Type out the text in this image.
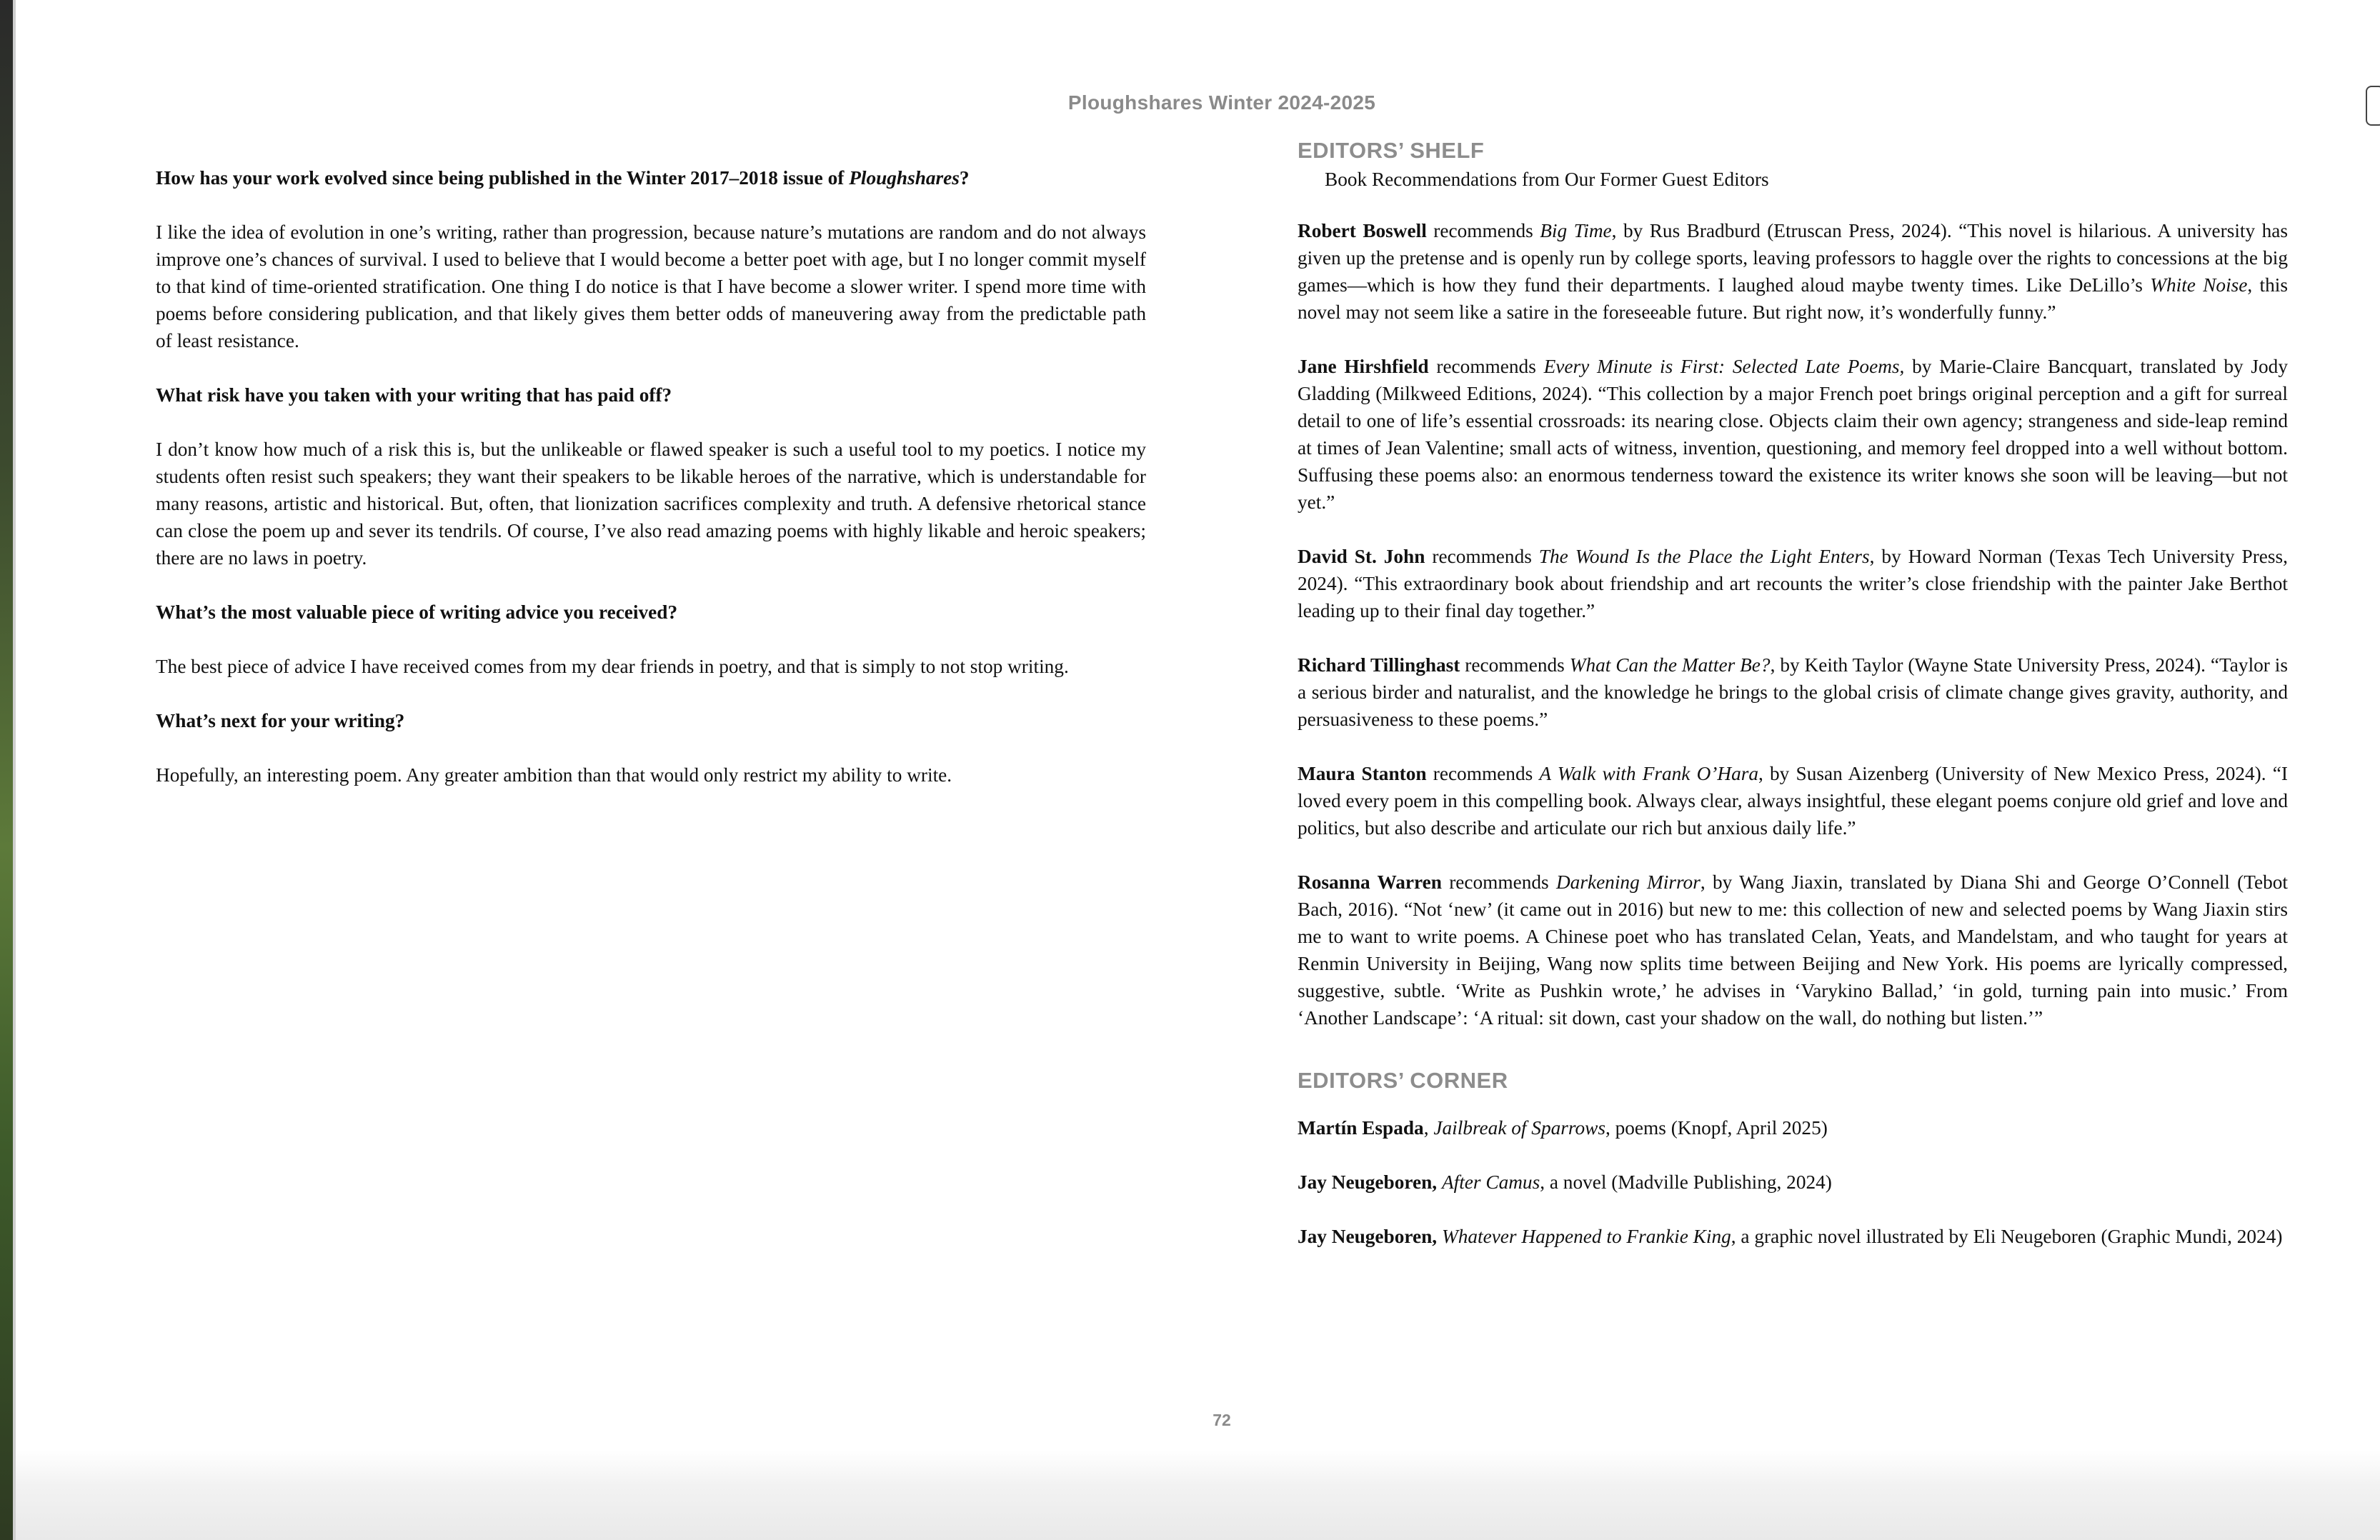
Ploughshares Winter 2024-2025

How has your work evolved since being published in the Winter 2017–2018 issue of Ploughshares?

I like the idea of evolution in one’s writing, rather than progression, because nature’s mutations are random and do not always improve one’s chances of survival. I used to believe that I would become a better poet with age, but I no longer commit myself to that kind of time-oriented stratification. One thing I do notice is that I have become a slower writer. I spend more time with poems before considering publication, and that likely gives them better odds of maneuvering away from the predictable path of least resistance.

What risk have you taken with your writing that has paid off?

I don’t know how much of a risk this is, but the unlikeable or flawed speaker is such a useful tool to my poetics. I notice my students often resist such speakers; they want their speakers to be likable heroes of the narrative, which is understandable for many reasons, artistic and historical. But, often, that lionization sacrifices complexity and truth. A defensive rhetorical stance can close the poem up and sever its tendrils. Of course, I’ve also read amazing poems with highly likable and heroic speakers; there are no laws in poetry.

What’s the most valuable piece of writing advice you received?

The best piece of advice I have received comes from my dear friends in poetry, and that is simply to not stop writing.

What’s next for your writing?

Hopefully, an interesting poem. Any greater ambition than that would only restrict my ability to write.

EDITORS’ SHELF

Book Recommendations from Our Former Guest Editors

Robert Boswell recommends Big Time, by Rus Bradburd (Etruscan Press, 2024). “This novel is hilarious. A university has given up the pretense and is openly run by college sports, leaving professors to haggle over the rights to concessions at the big games—which is how they fund their departments. I laughed aloud maybe twenty times. Like DeLillo’s White Noise, this novel may not seem like a satire in the foreseeable future. But right now, it’s wonderfully funny.”

Jane Hirshfield recommends Every Minute is First: Selected Late Poems, by Marie-Claire Bancquart, translated by Jody Gladding (Milkweed Editions, 2024). “This collection by a major French poet brings original perception and a gift for surreal detail to one of life’s essential crossroads: its nearing close. Objects claim their own agency; strangeness and side-leap remind at times of Jean Valentine; small acts of witness, invention, questioning, and memory feel dropped into a well without bottom. Suffusing these poems also: an enormous tenderness toward the existence its writer knows she soon will be leaving—but not yet.”

David St. John recommends The Wound Is the Place the Light Enters, by Howard Norman (Texas Tech University Press, 2024). “This extraordinary book about friendship and art recounts the writer’s close friendship with the painter Jake Berthot leading up to their final day together.”

Richard Tillinghast recommends What Can the Matter Be?, by Keith Taylor (Wayne State University Press, 2024). “Taylor is a serious birder and naturalist, and the knowledge he brings to the global crisis of climate change gives gravity, authority, and persuasiveness to these poems.”

Maura Stanton recommends A Walk with Frank O’Hara, by Susan Aizenberg (University of New Mexico Press, 2024). “I loved every poem in this compelling book. Always clear, always insightful, these elegant poems conjure old grief and love and politics, but also describe and articulate our rich but anxious daily life.”

Rosanna Warren recommends Darkening Mirror, by Wang Jiaxin, translated by Diana Shi and George O’Connell (Tebot Bach, 2016). “Not ‘new’ (it came out in 2016) but new to me: this collection of new and selected poems by Wang Jiaxin stirs me to want to write poems. A Chinese poet who has translated Celan, Yeats, and Mandelstam, and who taught for years at Renmin University in Beijing, Wang now splits time between Beijing and New York. His poems are lyrically compressed, suggestive, subtle. ‘Write as Pushkin wrote,’ he advises in ‘Varykino Ballad,’ ‘in gold, turning pain into music.’ From ‘Another Landscape’: ‘A ritual: sit down, cast your shadow on the wall, do nothing but listen.’”

EDITORS’ CORNER

Martín Espada, Jailbreak of Sparrows, poems (Knopf, April 2025)

Jay Neugeboren, After Camus, a novel (Madville Publishing, 2024)

Jay Neugeboren, Whatever Happened to Frankie King, a graphic novel illustrated by Eli Neugeboren (Graphic Mundi, 2024)

72
